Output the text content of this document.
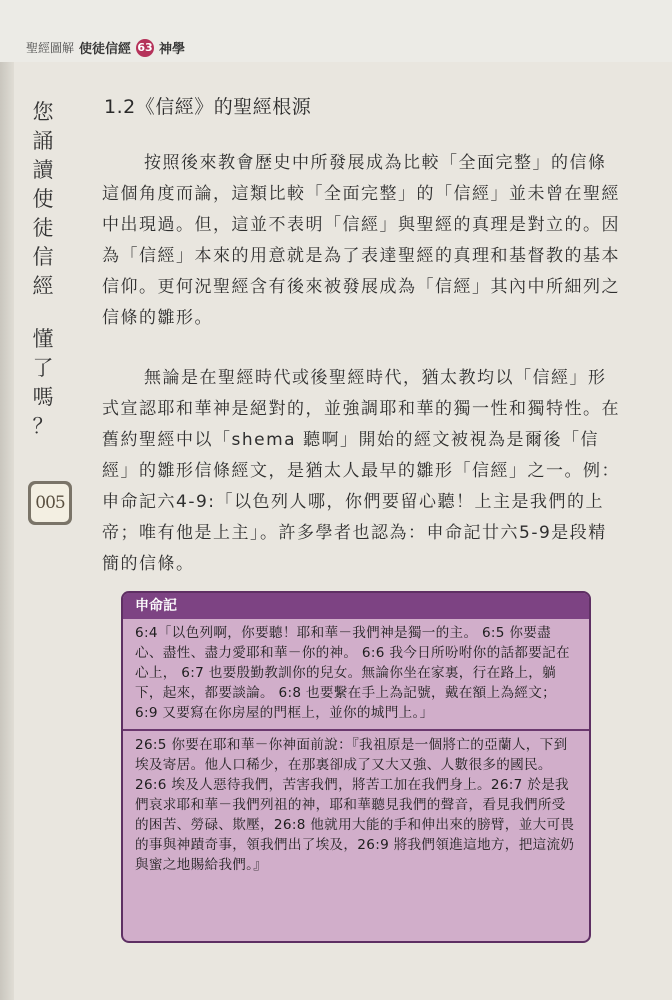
聖經圖解 使徒信經 63 神學
您
誦
讀
使
徒
信
經
懂
了
嗎
？
005
1.2《信經》的聖經根源

按照後來教會歷史中所發展成為比較「全面完整」的信條這個角度而論，這類比較「全面完整」的「信經」並未曾在聖經中出現過。但，這並不表明「信經」與聖經的真理是對立的。因為「信經」本來的用意就是為了表達聖經的真理和基督教的基本信仰。更何況聖經含有後來被發展成為「信經」其內中所細列之信條的雛形。

無論是在聖經時代或後聖經時代，猶太教均以「信經」形式宣認耶和華神是絕對的，並強調耶和華的獨一性和獨特性。在舊約聖經中以「shema 聽啊」開始的經文被視為是爾後「信經」的雛形信條經文，是猶太人最早的雛形「信經」之一。例：申命記六4-9:「以色列人哪，你們要留心聽！上主是我們的上帝；唯有他是上主」。許多學者也認為：申命記廿六5-9是段精簡的信條。

申命記

6:4「以色列啊，你要聽！耶和華－我們神是獨一的主。 6:5 你要盡心、盡性、盡力愛耶和華－你的神。 6:6 我今日所吩咐你的話都要記在心上， 6:7 也要殷勤教訓你的兒女。無論你坐在家裏，行在路上，躺下，起來，都要談論。 6:8 也要繫在手上為記號，戴在額上為經文； 6:9 又要寫在你房屋的門框上，並你的城門上。」

26:5 你要在耶和華－你神面前說：『我祖原是一個將亡的亞蘭人，下到埃及寄居。他人口稀少，在那裏卻成了又大又強、人數很多的國民。26:6 埃及人惡待我們，苦害我們，將苦工加在我們身上。26:7 於是我們哀求耶和華－我們列祖的神，耶和華聽見我們的聲音，看見我們所受的困苦、勞碌、欺壓，26:8 他就用大能的手和伸出來的膀臂，並大可畏的事與神蹟奇事，領我們出了埃及，26:9 將我們領進這地方，把這流奶與蜜之地賜給我們。』
